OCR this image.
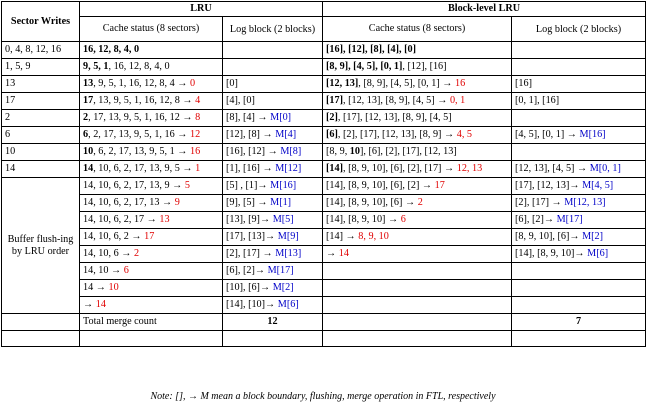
Sector Writes	LRU		Block-level LRU	
	Cache status (8 sectors)	Log block (2 blocks)	Cache status (8 sectors)	Log block (2 blocks)
0, 4, 8, 12, 16	16, 12, 8, 4, 0		[16], [12], [8], [4], [0]	
1, 5, 9	9, 5, 1, 16, 12, 8, 4, 0		[8, 9], [4, 5], [0, 1], [12], [16]	
13	13, 9, 5, 1, 16, 12, 8, 4 → 0	[0]	[12, 13], [8, 9], [4, 5], [0, 1] → 16	[16]
17	17, 13, 9, 5, 1, 16, 12, 8 → 4	[4], [0]	[17], [12, 13], [8, 9], [4, 5] → 0, 1	[0, 1], [16]
2	2, 17, 13, 9, 5, 1, 16, 12 → 8	[8], [4] → M[0]	[2], [17], [12, 13], [8, 9], [4, 5]	
6	6, 2, 17, 13, 9, 5, 1, 16 → 12	[12], [8] → M[4]	[6], [2], [17], [12, 13], [8, 9] → 4, 5	[4, 5], [0, 1] → M[16]
10	10, 6, 2, 17, 13, 9, 5, 1 → 16	[16], [12] → M[8]	[8, 9, 10], [6], [2], [17], [12, 13]	
14	14, 10, 6, 2, 17, 13, 9, 5 → 1	[1], [16] → M[12]	[14], [8, 9, 10], [6], [2], [17] → 12, 13	[12, 13], [4, 5] → M[0, 1]
Buffer flush-ing by LRU order	14, 10, 6, 2, 17, 13, 9 → 5	[5] , [1]→ M[16]	[14], [8, 9, 10], [6], [2] → 17	[17], [12, 13]→ M[4, 5]
	14, 10, 6, 2, 17, 13 → 9	[9], [5] → M[1]	[14], [8, 9, 10], [6] → 2	[2], [17] → M[12, 13]
	14, 10, 6, 2, 17 → 13	[13], [9]→ M[5]	[14], [8, 9, 10] → 6	[6], [2]→ M[17]
	14, 10, 6, 2 → 17	[17], [13]→ M[9]	[14] → 8, 9, 10	[8, 9, 10], [6]→ M[2]
	14, 10, 6 → 2	[2], [17] → M[13]	→ 14	[14], [8, 9, 10]→ M[6]
	14, 10 → 6	[6], [2]→ M[17]		
	14 → 10	[10], [6]→ M[2]		
	→ 14	[14], [10]→ M[6]		
	Total merge count	12		7

Note: [], → M mean a block boundary, flushing, merge operation in FTL, respectively
